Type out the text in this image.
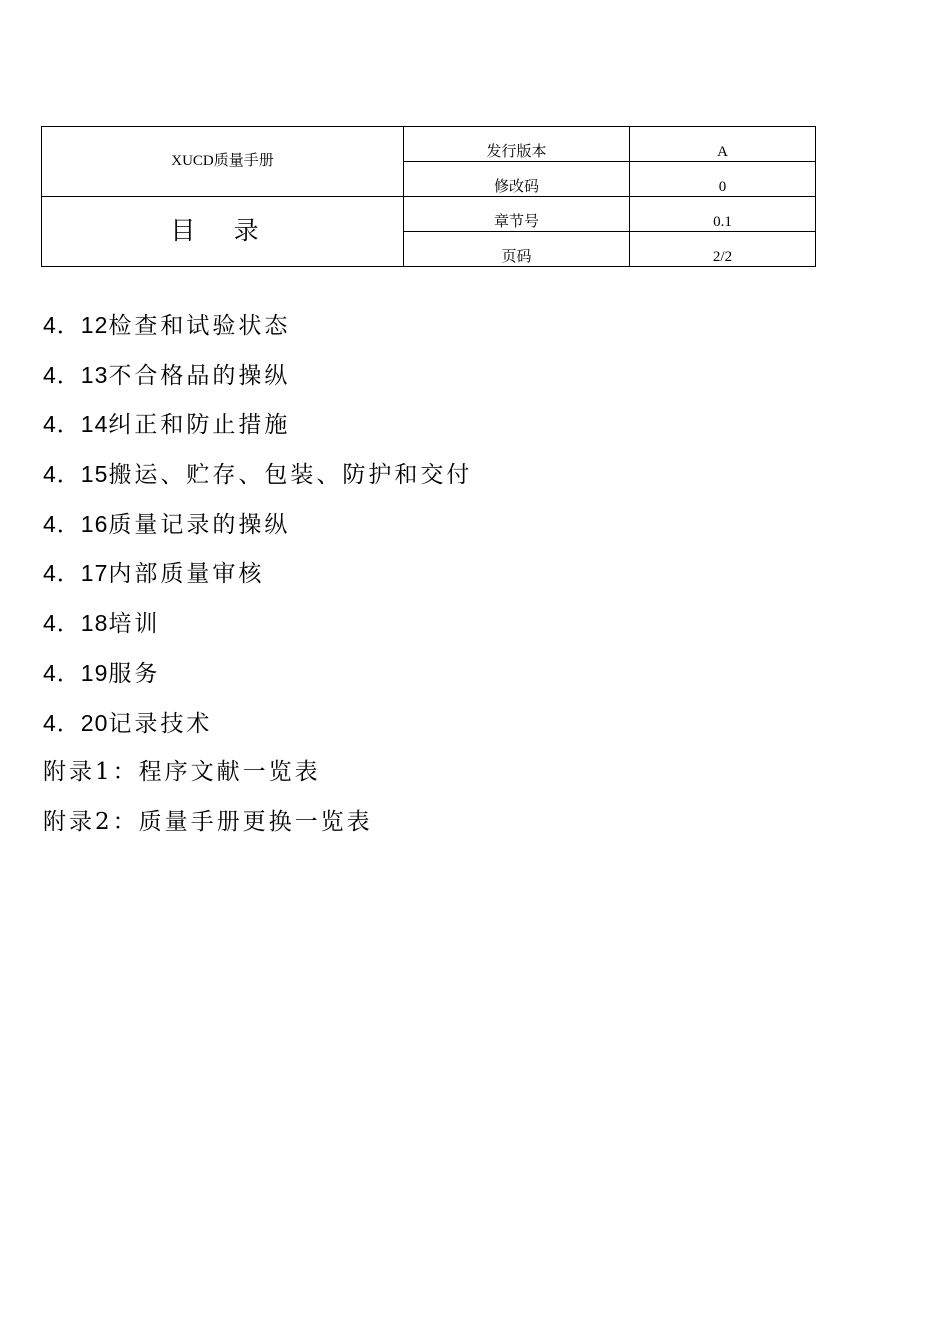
XUCD质量手册	发行版本	A
	修改码	0
目 录	章节号	0.1
	页码	2/2
4．12检查和试验状态
4．13不合格品的操纵
4．14纠正和防止措施
4．15搬运、贮存、包装、防护和交付
4．16质量记录的操纵
4．17内部质量审核
4．18培训
4．19服务
4．20记录技术
附录1：程序文献一览表
附录2：质量手册更换一览表
